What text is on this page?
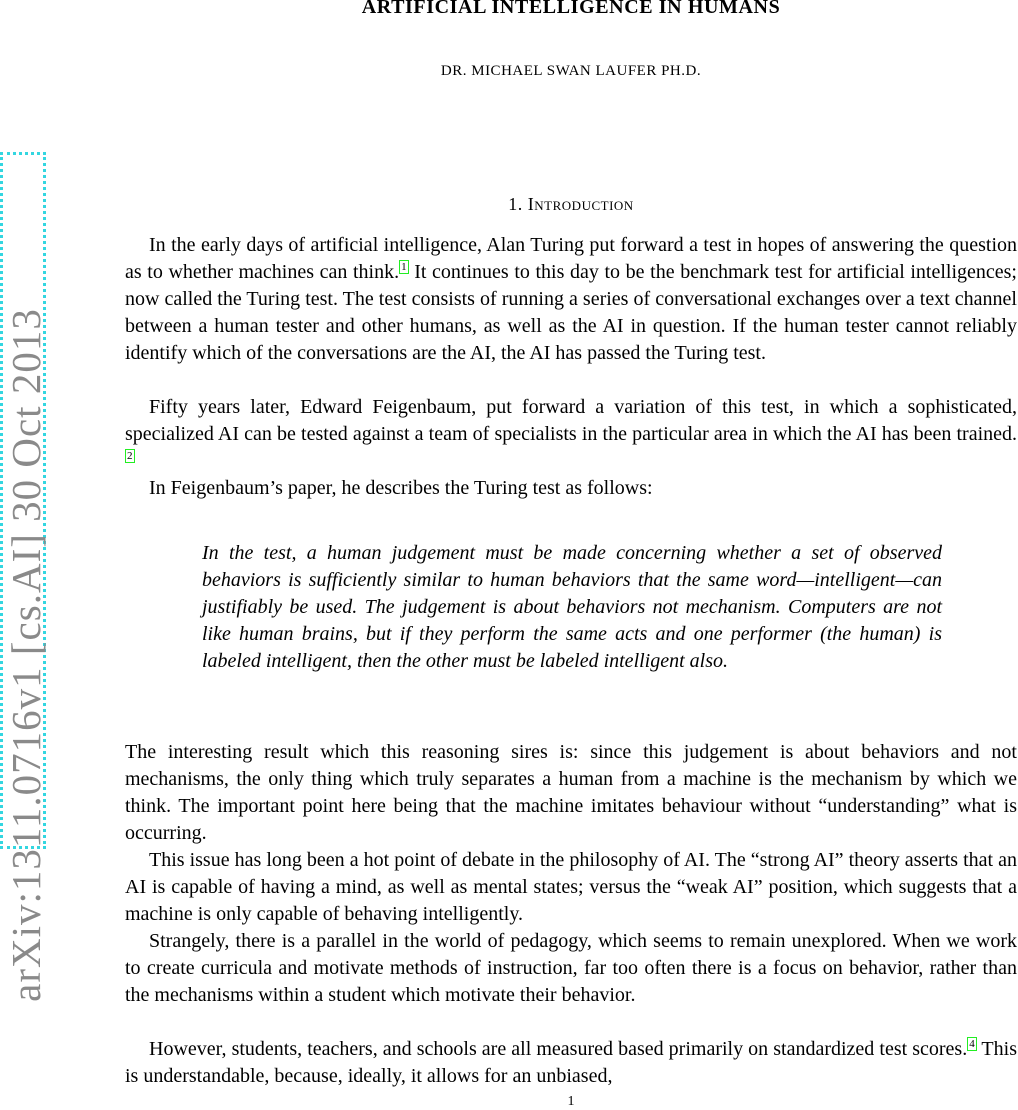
ARTIFICIAL INTELLIGENCE IN HUMANS
DR. MICHAEL SWAN LAUFER PH.D.
arXiv:1311.0716v1 [cs.AI] 30 Oct 2013
1. Introduction

In the early days of artificial intelligence, Alan Turing put forward a test in hopes of answering the question as to whether machines can think. 1 It continues to this day to be the benchmark test for artificial intelligences; now called the Turing test. The test consists of running a series of conversational exchanges over a text channel between a human tester and other humans, as well as the AI in question. If the human tester cannot reliably identify which of the conversations are the AI, the AI has passed the Turing test.

Fifty years later, Edward Feigenbaum, put forward a variation of this test, in which a sophisticated, specialized AI can be tested against a team of specialists in the particular area in which the AI has been trained.2

In Feigenbaum’s paper, he describes the Turing test as follows:

In the test, a human judgement must be made concerning whether a set of observed behaviors is sufficiently similar to human behaviors that the same word—intelligent—can justifiably be used. The judgement is about behaviors not mechanism. Computers are not like human brains, but if they perform the same acts and one performer (the human) is labeled intelligent, then the other must be labeled intelligent also.

The interesting result which this reasoning sires is: since this judgement is about behaviors and not mechanisms, the only thing which truly separates a human from a machine is the mechanism by which we think. The important point here being that the machine imitates behaviour without “understanding” what is occurring.

This issue has long been a hot point of debate in the philosophy of AI. The “strong AI” theory asserts that an AI is capable of having a mind, as well as mental states; versus the “weak AI” position, which suggests that a machine is only capable of behaving intelligently.

Strangely, there is a parallel in the world of pedagogy, which seems to remain unexplored. When we work to create curricula and motivate methods of instruction, far too often there is a focus on behavior, rather than the mechanisms within a student which motivate their behavior.

However, students, teachers, and schools are all measured based primarily on standardized test scores. 4 This is understandable, because, ideally, it allows for an unbiased,

1
